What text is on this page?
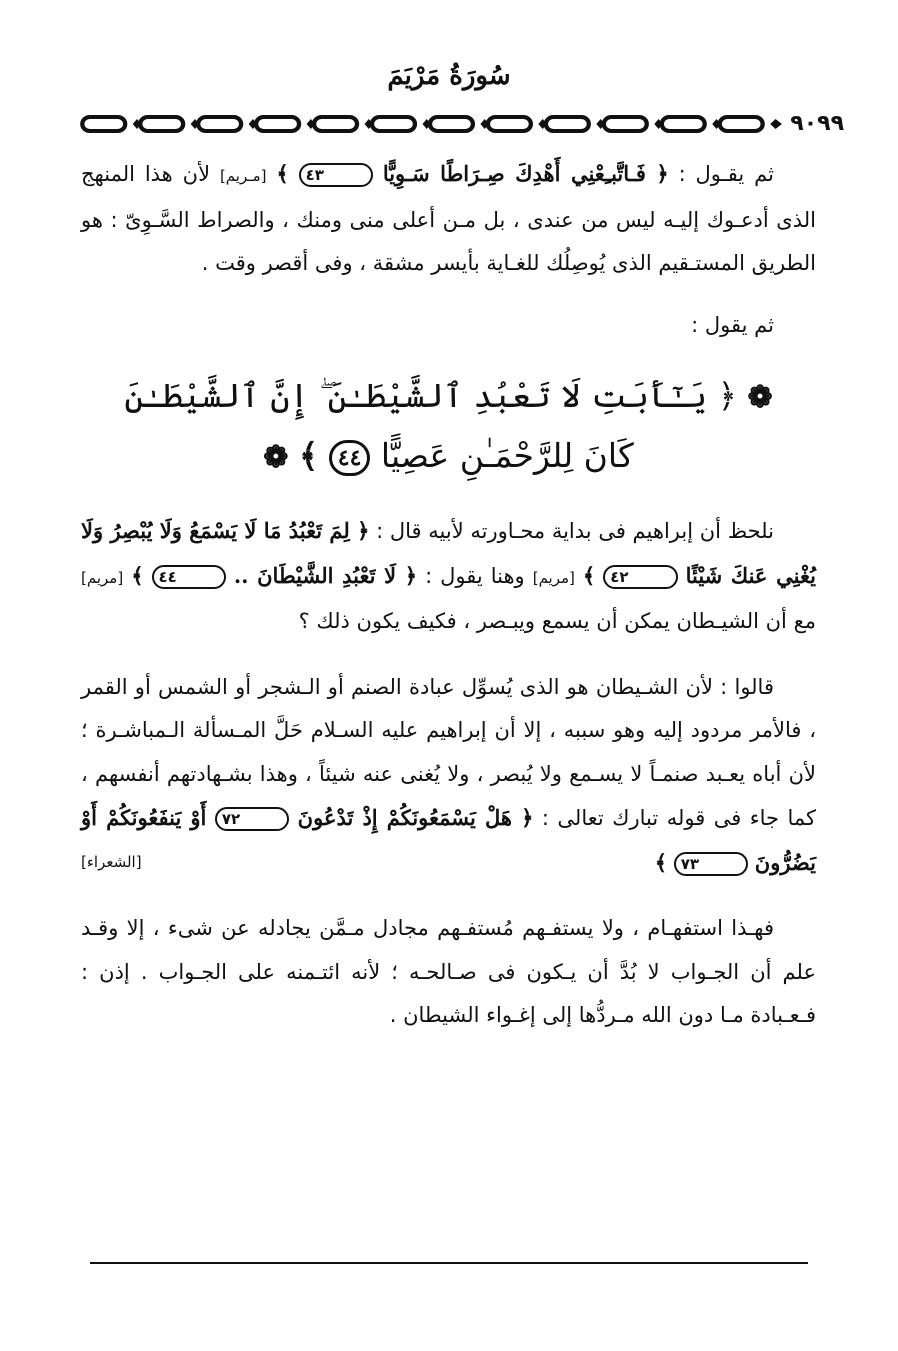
سُورَةُ مَرْيَمَ
٩٠٩٩

ثم يقـول : ﴿ فَـاتَّبـِعْنِي أَهْدِكَ صِـرَاطًا سَـوِيًّا ٤٣ ﴾ [مـريم] لأن هذا المنهج الذى أدعـوك إليـه ليس من عندى ، بل مـن أعلى منى ومنك ، والصراط السَّـوِىّ : هو الطريق المستـقيم الذى يُوصِلُك للغـاية بأيسر مشقة ، وفى أقصر وقت .

ثم يقول :

❁ ﴿ يَـٰٓأَبَتِ لَا تَعْبُدِ ٱلشَّيْطَـٰنَ ۖ إِنَّ ٱلشَّيْطَـٰنَ
كَانَ لِلرَّحْمَـٰنِ عَصِيًّا ٤٤ ﴾ ❁

نلحظ أن إبراهيم فى بداية محـاورته لأبيه قال : ﴿ لِمَ تَعْبُدُ مَا لَا يَسْمَعُ وَلَا يُبْصِرُ وَلَا يُغْنِي عَنكَ شَيْئًا ٤٢ ﴾ [مريم] وهنا يقول : ﴿ لَا تَعْبُدِ الشَّيْطَانَ .. ٤٤ ﴾ [مريم] مع أن الشيـطان يمكن أن يسمع ويبـصر ، فكيف يكون ذلك ؟

قالوا : لأن الشـيطان هو الذى يُسوِّل عبادة الصنم أو الـشجر أو الشمس أو القمر ، فالأمر مردود إليه وهو سببه ، إلا أن إبراهيم عليه السـلام حَلَّ المـسألة الـمباشـرة ؛ لأن أباه يعـبد صنمـاً لا يسـمع ولا يُبصر ، ولا يُغنى عنه شيئاً ، وهذا بشـهادتهم أنفسهم ، كما جاء فى قوله تبارك تعالى : ﴿ هَلْ يَسْمَعُونَكُمْ إِذْ تَدْعُونَ ٧٢ أَوْ يَنفَعُونَكُمْ أَوْ يَضُرُّونَ ٧٣ ﴾
[الشعراء]

فهـذا استفهـام ، ولا يستفـهم مُستفـهم مجادل مـمَّن يجادله عن شىء ، إلا وقـد علم أن الجـواب لا بُدَّ أن يـكون فى صـالحـه ؛ لأنه ائتـمنه على الجـواب . إذن : فـعـبادة مـا دون الله مـردُّها إلى إغـواء الشيطان .
